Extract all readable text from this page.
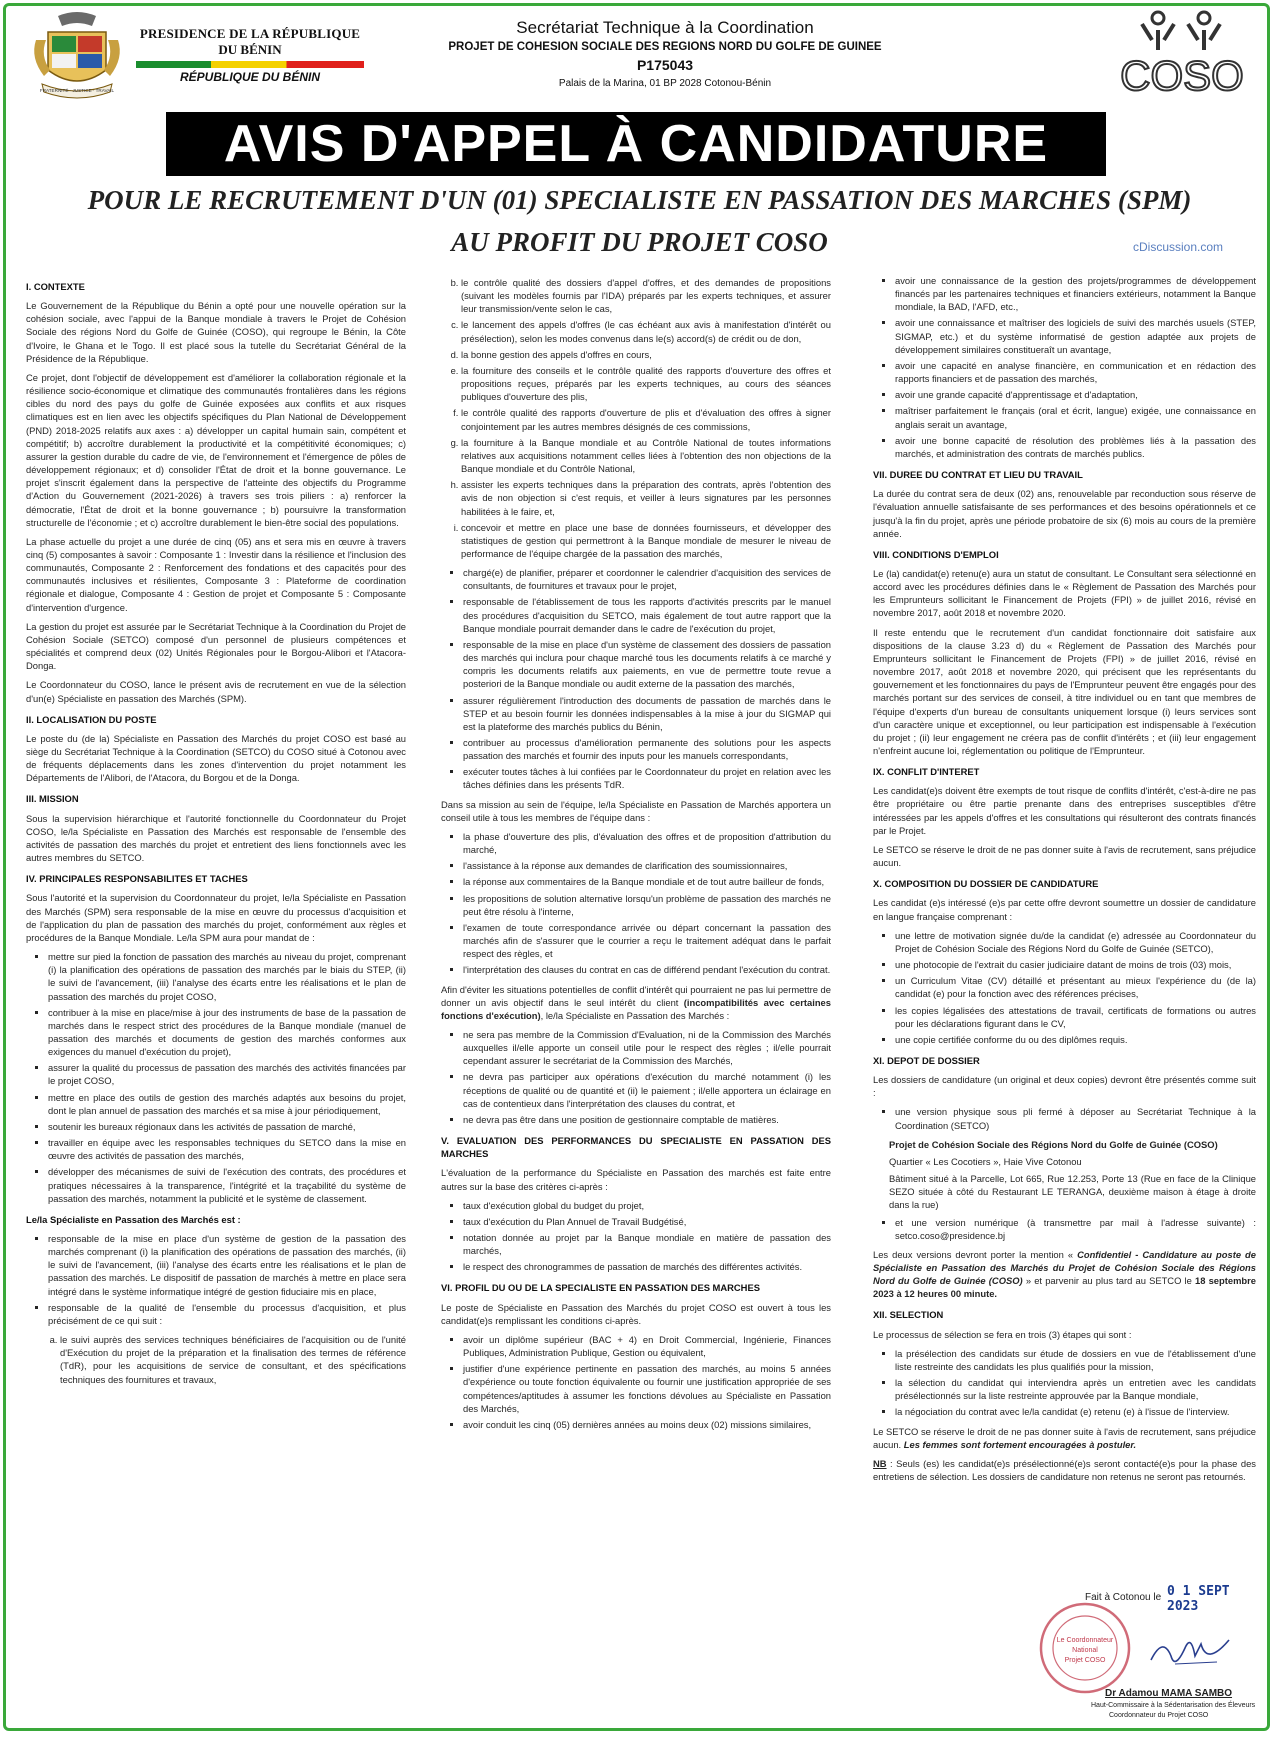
FRATERNITÉ · JUSTICE · TRAVAIL
PRESIDENCE DE LA RÉPUBLIQUE
DU BÉNIN
RÉPUBLIQUE DU BÉNIN
Secrétariat Technique à la Coordination
PROJET DE COHESION SOCIALE DES REGIONS NORD DU GOLFE DE GUINEE
P175043
Palais de la Marina, 01 BP 2028 Cotonou-Bénin	COSO
AVIS D'APPEL À CANDIDATURE
POUR LE RECRUTEMENT D'UN (01) SPECIALISTE EN PASSATION DES MARCHES (SPM)
AU PROFIT DU PROJET COSO	cDiscussion.com
I. CONTEXTE

Le Gouvernement de la République du Bénin a opté pour une nouvelle opération sur la cohésion sociale, avec l'appui de la Banque mondiale à travers le Projet de Cohésion Sociale des régions Nord du Golfe de Guinée (COSO), qui regroupe le Bénin, la Côte d'Ivoire, le Ghana et le Togo. Il est placé sous la tutelle du Secrétariat Général de la Présidence de la République.

Ce projet, dont l'objectif de développement est d'améliorer la collaboration régionale et la résilience socio-économique et climatique des communautés frontalières dans les régions cibles du nord des pays du golfe de Guinée exposées aux conflits et aux risques climatiques est en lien avec les objectifs spécifiques du Plan National de Développement (PND) 2018-2025 relatifs aux axes : a) développer un capital humain sain, compétent et compétitif; b) accroître durablement la productivité et la compétitivité économiques; c) assurer la gestion durable du cadre de vie, de l'environnement et l'émergence de pôles de développement régionaux; et d) consolider l'État de droit et la bonne gouvernance. Le projet s'inscrit également dans la perspective de l'atteinte des objectifs du Programme d'Action du Gouvernement (2021-2026) à travers ses trois piliers : a) renforcer la démocratie, l'État de droit et la bonne gouvernance ; b) poursuivre la transformation structurelle de l'économie ; et c) accroître durablement le bien-être social des populations.

La phase actuelle du projet a une durée de cinq (05) ans et sera mis en œuvre à travers cinq (5) composantes à savoir : Composante 1 : Investir dans la résilience et l'inclusion des communautés, Composante 2 : Renforcement des fondations et des capacités pour des communautés inclusives et résilientes, Composante 3 : Plateforme de coordination régionale et dialogue, Composante 4 : Gestion de projet et Composante 5 : Composante d'intervention d'urgence.

La gestion du projet est assurée par le Secrétariat Technique à la Coordination du Projet de Cohésion Sociale (SETCO) composé d'un personnel de plusieurs compétences et spécialités et comprend deux (02) Unités Régionales pour le Borgou-Alibori et l'Atacora-Donga.

Le Coordonnateur du COSO, lance le présent avis de recrutement en vue de la sélection d'un(e) Spécialiste en passation des Marchés (SPM).

II. LOCALISATION DU POSTE

Le poste du (de la) Spécialiste en Passation des Marchés du projet COSO est basé au siège du Secrétariat Technique à la Coordination (SETCO) du COSO situé à Cotonou avec de fréquents déplacements dans les zones d'intervention du projet notamment les Départements de l'Alibori, de l'Atacora, du Borgou et de la Donga.

III. MISSION

Sous la supervision hiérarchique et l'autorité fonctionnelle du Coordonnateur du Projet COSO, le/la Spécialiste en Passation des Marchés est responsable de l'ensemble des activités de passation des marchés du projet et entretient des liens fonctionnels avec les autres membres du SETCO.

IV. PRINCIPALES RESPONSABILITES ET TACHES

Sous l'autorité et la supervision du Coordonnateur du projet, le/la Spécialiste en Passation des Marchés (SPM) sera responsable de la mise en œuvre du processus d'acquisition et de l'application du plan de passation des marchés du projet, conformément aux règles et procédures de la Banque Mondiale. Le/la SPM aura pour mandat de :

▪ mettre sur pied la fonction de passation des marchés au niveau du projet, comprenant (i) la planification des opérations de passation des marchés par le biais du STEP, (ii) le suivi de l'avancement, (iii) l'analyse des écarts entre les réalisations et le plan de passation des marchés du projet COSO,
▪ contribuer à la mise en place/mise à jour des instruments de base de la passation de marchés dans le respect strict des procédures de la Banque mondiale (manuel de passation des marchés et documents de gestion des marchés conformes aux exigences du manuel d'exécution du projet),
▪ assurer la qualité du processus de passation des marchés des activités financées par le projet COSO,
▪ mettre en place des outils de gestion des marchés adaptés aux besoins du projet, dont le plan annuel de passation des marchés et sa mise à jour périodiquement,
▪ soutenir les bureaux régionaux dans les activités de passation de marché,
▪ travailler en équipe avec les responsables techniques du SETCO dans la mise en œuvre des activités de passation des marchés,
▪ développer des mécanismes de suivi de l'exécution des contrats, des procédures et pratiques nécessaires à la transparence, l'intégrité et la traçabilité du système de passation des marchés, notamment la publicité et le système de classement.
Le/la Spécialiste en Passation des Marchés est :
▪ responsable de la mise en place d'un système de gestion de la passation des marchés comprenant (i) la planification des opérations de passation des marchés, (ii) le suivi de l'avancement, (iii) l'analyse des écarts entre les réalisations et le plan de passation des marchés. Le dispositif de passation de marchés à mettre en place sera intégré dans le système informatique intégré de gestion fiduciaire mis en place,
▪ responsable de la qualité de l'ensemble du processus d'acquisition, et plus précisément de ce qui suit :
a. le suivi auprès des services techniques bénéficiaires de l'acquisition ou de l'unité d'Exécution du projet de la préparation et la finalisation des termes de référence (TdR), pour les acquisitions de service de consultant, et des spécifications techniques des fournitures et travaux,
b. le contrôle qualité des dossiers d'appel d'offres, et des demandes de propositions (suivant les modèles fournis par l'IDA) préparés par les experts techniques, et assurer leur transmission/vente selon le cas,
c. le lancement des appels d'offres (le cas échéant aux avis à manifestation d'intérêt ou présélection), selon les modes convenus dans le(s) accord(s) de crédit ou de don,
d. la bonne gestion des appels d'offres en cours,
e. la fourniture des conseils et le contrôle qualité des rapports d'ouverture des offres et propositions reçues, préparés par les experts techniques, au cours des séances publiques d'ouverture des plis,
f. le contrôle qualité des rapports d'ouverture de plis et d'évaluation des offres à signer conjointement par les autres membres désignés de ces commissions,
g. la fourniture à la Banque mondiale et au Contrôle National de toutes informations relatives aux acquisitions notamment celles liées à l'obtention des non objections de la Banque mondiale et du Contrôle National,
h. assister les experts techniques dans la préparation des contrats, après l'obtention des avis de non objection si c'est requis, et veiller à leurs signatures par les personnes habilitées à le faire, et,
i. concevoir et mettre en place une base de données fournisseurs, et développer des statistiques de gestion qui permettront à la Banque mondiale de mesurer le niveau de performance de l'équipe chargée de la passation des marchés,
▪ chargé(e) de planifier, préparer et coordonner le calendrier d'acquisition des services de consultants, de fournitures et travaux pour le projet,
▪ responsable de l'établissement de tous les rapports d'activités prescrits par le manuel des procédures d'acquisition du SETCO, mais également de tout autre rapport que la Banque mondiale pourrait demander dans le cadre de l'exécution du projet,
▪ responsable de la mise en place d'un système de classement des dossiers de passation des marchés qui inclura pour chaque marché tous les documents relatifs à ce marché y compris les documents relatifs aux paiements, en vue de permettre toute revue a posteriori de la Banque mondiale ou audit externe de la passation des marchés,
▪ assurer régulièrement l'introduction des documents de passation de marchés dans le STEP et au besoin fournir les données indispensables à la mise à jour du SIGMAP qui est la plateforme des marchés publics du Bénin,
▪ contribuer au processus d'amélioration permanente des solutions pour les aspects passation des marchés et fournir des inputs pour les manuels correspondants,
▪ exécuter toutes tâches à lui confiées par le Coordonnateur du projet en relation avec les tâches définies dans les présents TdR.

Dans sa mission au sein de l'équipe, le/la Spécialiste en Passation de Marchés apportera un conseil utile à tous les membres de l'équipe dans :

▪ la phase d'ouverture des plis, d'évaluation des offres et de proposition d'attribution du marché,
▪ l'assistance à la réponse aux demandes de clarification des soumissionnaires,
▪ la réponse aux commentaires de la Banque mondiale et de tout autre bailleur de fonds,
▪ les propositions de solution alternative lorsqu'un problème de passation des marchés ne peut être résolu à l'interne,
▪ l'examen de toute correspondance arrivée ou départ concernant la passation des marchés afin de s'assurer que le courrier a reçu le traitement adéquat dans le parfait respect des règles, et
▪ l'interprétation des clauses du contrat en cas de différend pendant l'exécution du contrat.

Afin d'éviter les situations potentielles de conflit d'intérêt qui pourraient ne pas lui permettre de donner un avis objectif dans le seul intérêt du client (incompatibilités avec certaines fonctions d'exécution), le/la Spécialiste en Passation des Marchés :

▪ ne sera pas membre de la Commission d'Evaluation, ni de la Commission des Marchés auxquelles il/elle apporte un conseil utile pour le respect des règles ; il/elle pourrait cependant assurer le secrétariat de la Commission des Marchés,
▪ ne devra pas participer aux opérations d'exécution du marché notamment (i) les réceptions de qualité ou de quantité et (ii) le paiement ; il/elle apportera un éclairage en cas de contentieux dans l'interprétation des clauses du contrat, et
▪ ne devra pas être dans une position de gestionnaire comptable de matières.
V. EVALUATION DES PERFORMANCES DU SPECIALISTE EN PASSATION DES MARCHES

L'évaluation de la performance du Spécialiste en Passation des marchés est faite entre autres sur la base des critères ci-après :

▪ taux d'exécution global du budget du projet,
▪ taux d'exécution du Plan Annuel de Travail Budgétisé,
▪ notation donnée au projet par la Banque mondiale en matière de passation des marchés,
▪ le respect des chronogrammes de passation de marchés des différentes activités.
VI. PROFIL DU OU DE LA SPECIALISTE EN PASSATION DES MARCHES

Le poste de Spécialiste en Passation des Marchés du projet COSO est ouvert à tous les candidat(e)s remplissant les conditions ci-après.

▪ avoir un diplôme supérieur (BAC + 4) en Droit Commercial, Ingénierie, Finances Publiques, Administration Publique, Gestion ou équivalent,
▪ justifier d'une expérience pertinente en passation des marchés, au moins 5 années d'expérience ou toute fonction équivalente ou fournir une justification appropriée de ses compétences/aptitudes à assumer les fonctions dévolues au Spécialiste en Passation des Marchés,
▪ avoir conduit les cinq (05) dernières années au moins deux (02) missions similaires,
▪ avoir une connaissance de la gestion des projets/programmes de développement financés par les partenaires techniques et financiers extérieurs, notamment la Banque mondiale, la BAD, l'AFD, etc.,
▪ avoir une connaissance et maîtriser des logiciels de suivi des marchés usuels (STEP, SIGMAP, etc.) et du système informatisé de gestion adaptée aux projets de développement similaires constitueraît un avantage,
▪ avoir une capacité en analyse financière, en communication et en rédaction des rapports financiers et de passation des marchés,
▪ avoir une grande capacité d'apprentissage et d'adaptation,
▪ maîtriser parfaitement le français (oral et écrit, langue) exigée, une connaissance en anglais serait un avantage,
▪ avoir une bonne capacité de résolution des problèmes liés à la passation des marchés, et administration des contrats de marchés publics.
VII. DUREE DU CONTRAT ET LIEU DU TRAVAIL

La durée du contrat sera de deux (02) ans, renouvelable par reconduction sous réserve de l'évaluation annuelle satisfaisante de ses performances et des besoins opérationnels et ce jusqu'à la fin du projet, après une période probatoire de six (6) mois au cours de la première année.

VIII. CONDITIONS D'EMPLOI

Le (la) candidat(e) retenu(e) aura un statut de consultant. Le Consultant sera sélectionné en accord avec les procédures définies dans le « Règlement de Passation des Marchés pour les Emprunteurs sollicitant le Financement de Projets (FPI) » de juillet 2016, révisé en novembre 2017, août 2018 et novembre 2020.

Il reste entendu que le recrutement d'un candidat fonctionnaire doit satisfaire aux dispositions de la clause 3.23 d) du « Règlement de Passation des Marchés pour Emprunteurs sollicitant le Financement de Projets (FPI) » de juillet 2016, révisé en novembre 2017, août 2018 et novembre 2020, qui précisent que les représentants du gouvernement et les fonctionnaires du pays de l'Emprunteur peuvent être engagés pour des marchés portant sur des services de conseil, à titre individuel ou en tant que membres de l'équipe d'experts d'un bureau de consultants uniquement lorsque (i) leurs services sont d'un caractère unique et exceptionnel, ou leur participation est indispensable à l'exécution du projet ; (ii) leur engagement ne créera pas de conflit d'intérêts ; et (iii) leur engagement n'enfreint aucune loi, réglementation ou politique de l'Emprunteur.

IX. CONFLIT D'INTERET

Les candidat(e)s doivent être exempts de tout risque de conflits d'intérêt, c'est-à-dire ne pas être propriétaire ou être partie prenante dans des entreprises susceptibles d'être intéressées par les appels d'offres et les consultations qui résulteront des contrats financés par le Projet.

Le SETCO se réserve le droit de ne pas donner suite à l'avis de recrutement, sans préjudice aucun.

X. COMPOSITION DU DOSSIER DE CANDIDATURE

Les candidat (e)s intéressé (e)s par cette offre devront soumettre un dossier de candidature en langue française comprenant :

▪ une lettre de motivation signée du/de la candidat (e) adressée au Coordonnateur du Projet de Cohésion Sociale des Régions Nord du Golfe de Guinée (SETCO),
▪ une photocopie de l'extrait du casier judiciaire datant de moins de trois (03) mois,
▪ un Curriculum Vitae (CV) détaillé et présentant au mieux l'expérience du (de la) candidat (e) pour la fonction avec des références précises,
▪ les copies légalisées des attestations de travail, certificats de formations ou autres pour les déclarations figurant dans le CV,
▪ une copie certifiée conforme du ou des diplômes requis.
XI. DEPOT DE DOSSIER

Les dossiers de candidature (un original et deux copies) devront être présentés comme suit :

▪ une version physique sous pli fermé à déposer au Secrétariat Technique à la Coordination (SETCO)
Projet de Cohésion Sociale des Régions Nord du Golfe de Guinée (COSO)
Quartier « Les Cocotiers », Haie Vive Cotonou
Bâtiment situé à la Parcelle, Lot 665, Rue 12.253, Porte 13 (Rue en face de la Clinique SEZO située à côté du Restaurant LE TERANGA, deuxième maison à étage à droite dans la rue)
▪ et une version numérique (à transmettre par mail à l'adresse suivante) : setco.coso@presidence.bj

Les deux versions devront porter la mention « Confidentiel - Candidature au poste de Spécialiste en Passation des Marchés du Projet de Cohésion Sociale des Régions Nord du Golfe de Guinée (COSO) » et parvenir au plus tard au SETCO le 18 septembre 2023 à 12 heures 00 minute.

XII. SELECTION

Le processus de sélection se fera en trois (3) étapes qui sont :

▪ la présélection des candidats sur étude de dossiers en vue de l'établissement d'une liste restreinte des candidats les plus qualifiés pour la mission,
▪ la sélection du candidat qui interviendra après un entretien avec les candidats présélectionnés sur la liste restreinte approuvée par la Banque mondiale,
▪ la négociation du contrat avec le/la candidat (e) retenu (e) à l'issue de l'interview.

Le SETCO se réserve le droit de ne pas donner suite à l'avis de recrutement, sans préjudice aucun. Les femmes sont fortement encouragées à postuler.

NB : Seuls (es) les candidat(e)s présélectionné(e)s seront contacté(e)s pour la phase des entretiens de sélection. Les dossiers de candidature non retenus ne seront pas retournés.

Fait à Cotonou le 0 1 SEPT 2023
Le Coordonnateur
National
Projet COSO
Dr Adamou MAMA SAMBO
Haut-Commissaire à la Sédentarisation des Éleveurs
Coordonnateur du Projet COSO
